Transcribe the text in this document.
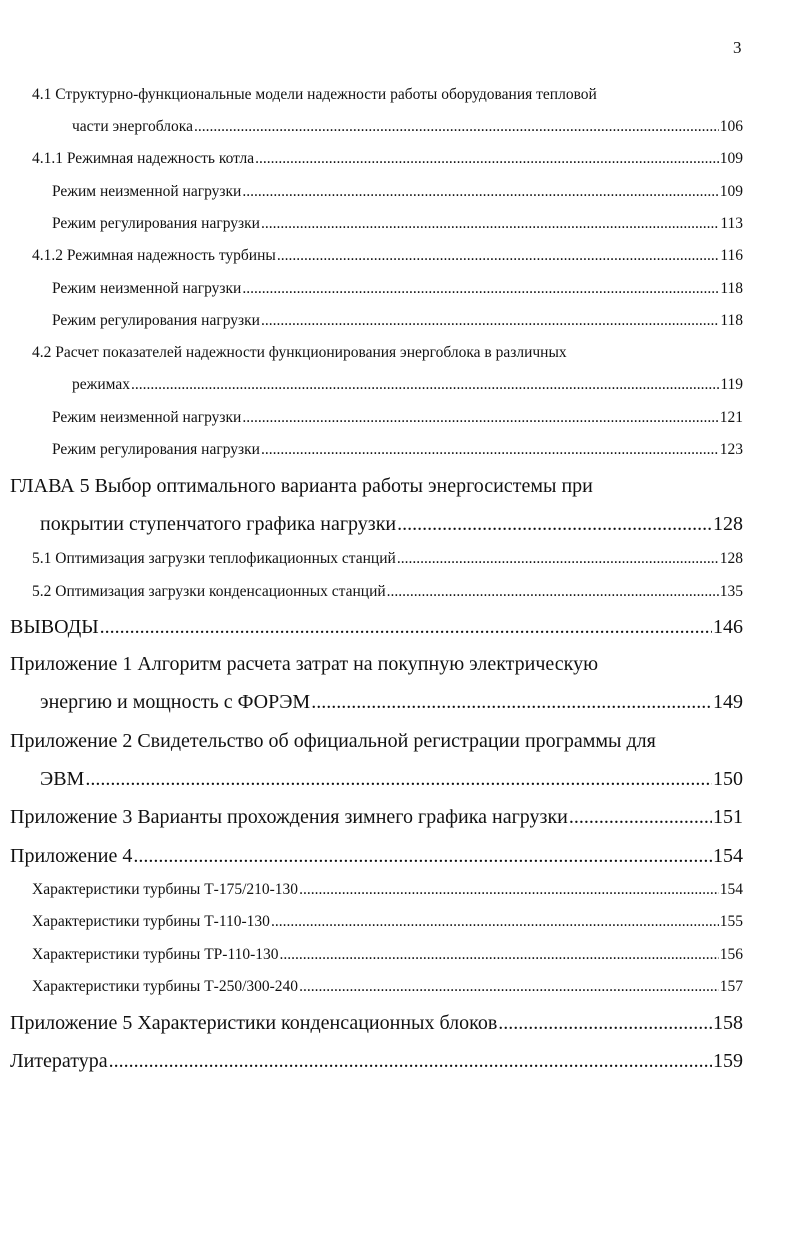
3
4.1 Структурно-функциональные модели надежности работы оборудования тепловой
части энергоблока .....	106
4.1.1 Режимная надежность котла .....	109
Режим неизменной нагрузки .....	109
Режим регулирования нагрузки .....	113
4.1.2 Режимная надежность турбины .....	116
Режим неизменной нагрузки .....	118
Режим регулирования нагрузки .....	118
4.2 Расчет показателей надежности функционирования энергоблока в различных
режимах .....	119
Режим неизменной нагрузки .....	121
Режим регулирования нагрузки .....	123
ГЛАВА 5 Выбор оптимального варианта работы энергосистемы при
покрытии ступенчатого графика нагрузки .....	128
5.1 Оптимизация загрузки теплофикационных станций .....	128
5.2 Оптимизация загрузки конденсационных станций .....	135
ВЫВОДЫ .....	146
Приложение 1 Алгоритм расчета затрат на покупную электрическую
энергию и мощность с ФОРЭМ .....	149
Приложение 2 Свидетельство об официальной регистрации программы для
ЭВМ .....	150
Приложение 3 Варианты прохождения зимнего графика нагрузки .....	151
Приложение 4 .....	154
Характеристики турбины Т-175/210-130 .....	154
Характеристики турбины Т-110-130 .....	155
Характеристики турбины ТР-110-130 .....	156
Характеристики турбины Т-250/300-240 .....	157
Приложение 5 Характеристики конденсационных блоков .....	158
Литература .....	159
